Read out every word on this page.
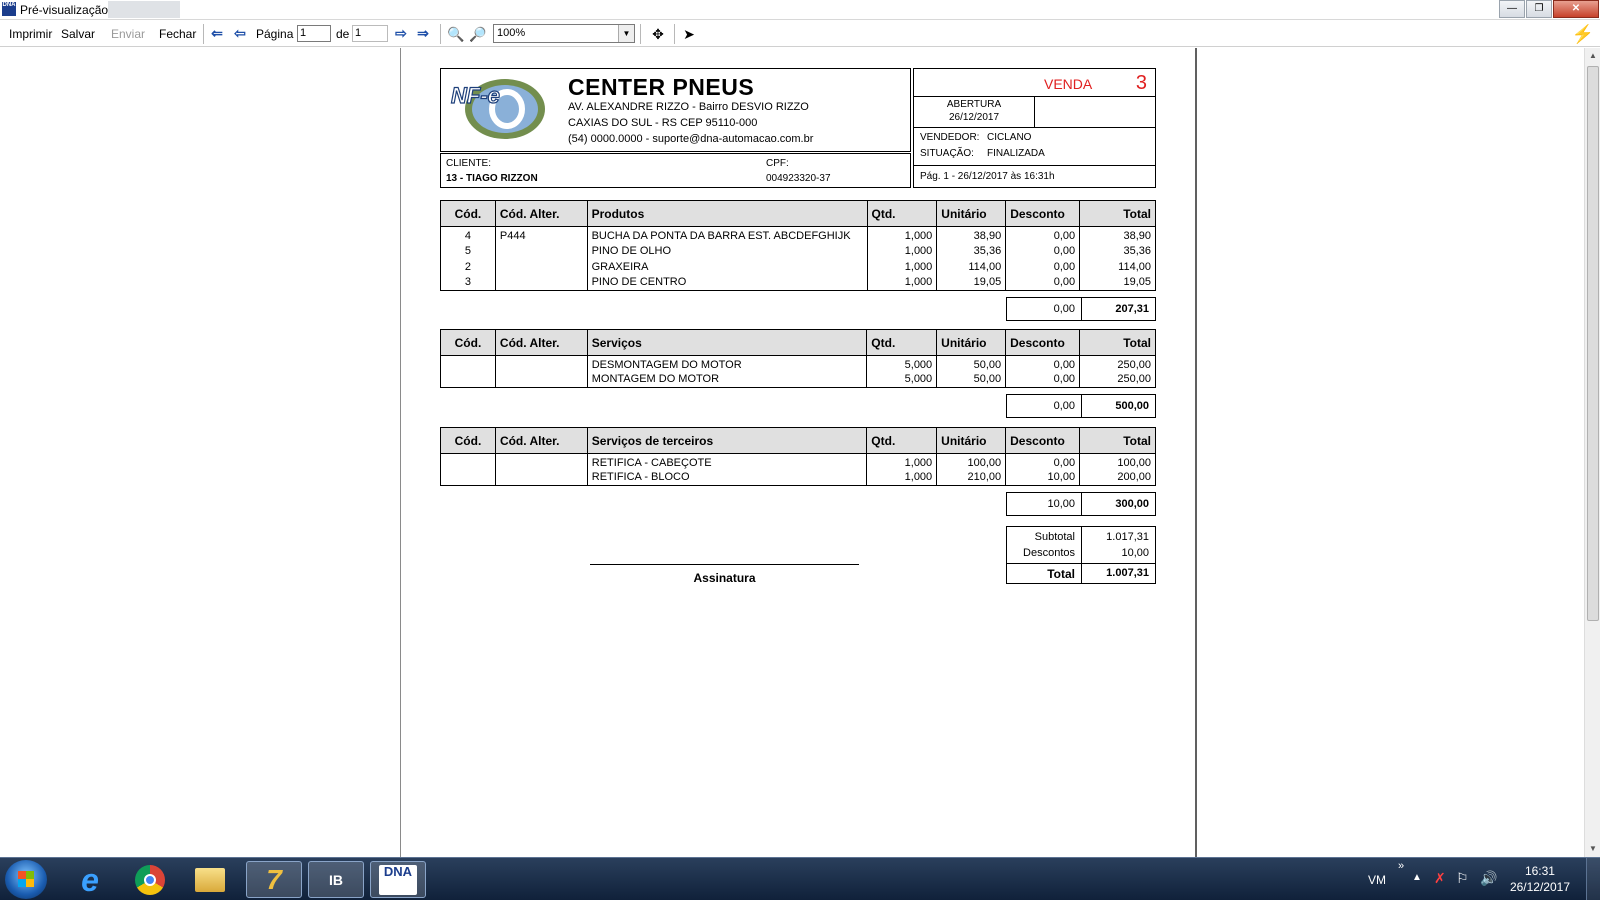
DNA Pré-visualização	—	❐	✕
Imprimir Salvar Enviar Fechar ⇐ ⇦ Página 1	de 1	⇨ ⇒ 🔍 🔎 100%	▼ ✥ ➤	⚡
▲
▼
NF-e	CENTER PNEUS
AV. ALEXANDRE RIZZO - Bairro DESVIO RIZZO
CAXIAS DO SUL - RS CEP 95110-000
(54) 0000.0000 - suporte@dna-automacao.com.br
CLIENTE:
13 - TIAGO RIZZON
CPF:
004923320-37
VENDA 3
ABERTURA
26/12/2017
VENDEDOR: CICLANO
SITUAÇÃO: FINALIZADA
Pág. 1 - 26/12/2017 às 16:31h
Cód.	Cód. Alter.	Produtos	Qtd.	Unitário	Desconto	Total
4	P444	BUCHA DA PONTA DA BARRA EST. ABCDEFGHIJK	1,000	38,90	0,00	38,90
5		PINO DE OLHO	1,000	35,36	0,00	35,36
2		GRAXEIRA	1,000	114,00	0,00	114,00
3		PINO DE CENTRO	1,000	19,05	0,00	19,05
0,00	207,31
Cód.	Cód. Alter.	Serviços	Qtd.	Unitário	Desconto	Total
		DESMONTAGEM DO MOTOR	5,000	50,00	0,00	250,00
		MONTAGEM DO MOTOR	5,000	50,00	0,00	250,00
0,00	500,00
Cód.	Cód. Alter.	Serviços de terceiros	Qtd.	Unitário	Desconto	Total
		RETIFICA - CABEÇOTE	1,000	100,00	0,00	100,00
		RETIFICA - BLOCO	1,000	210,00	10,00	200,00
10,00	300,00
Assinatura
Subtotal	1.017,31
Descontos	10,00
Total	1.007,31
e	7	IB
DNA
VM
»
▲ ✗ ⚐ 🔊	16:31
26/12/2017
